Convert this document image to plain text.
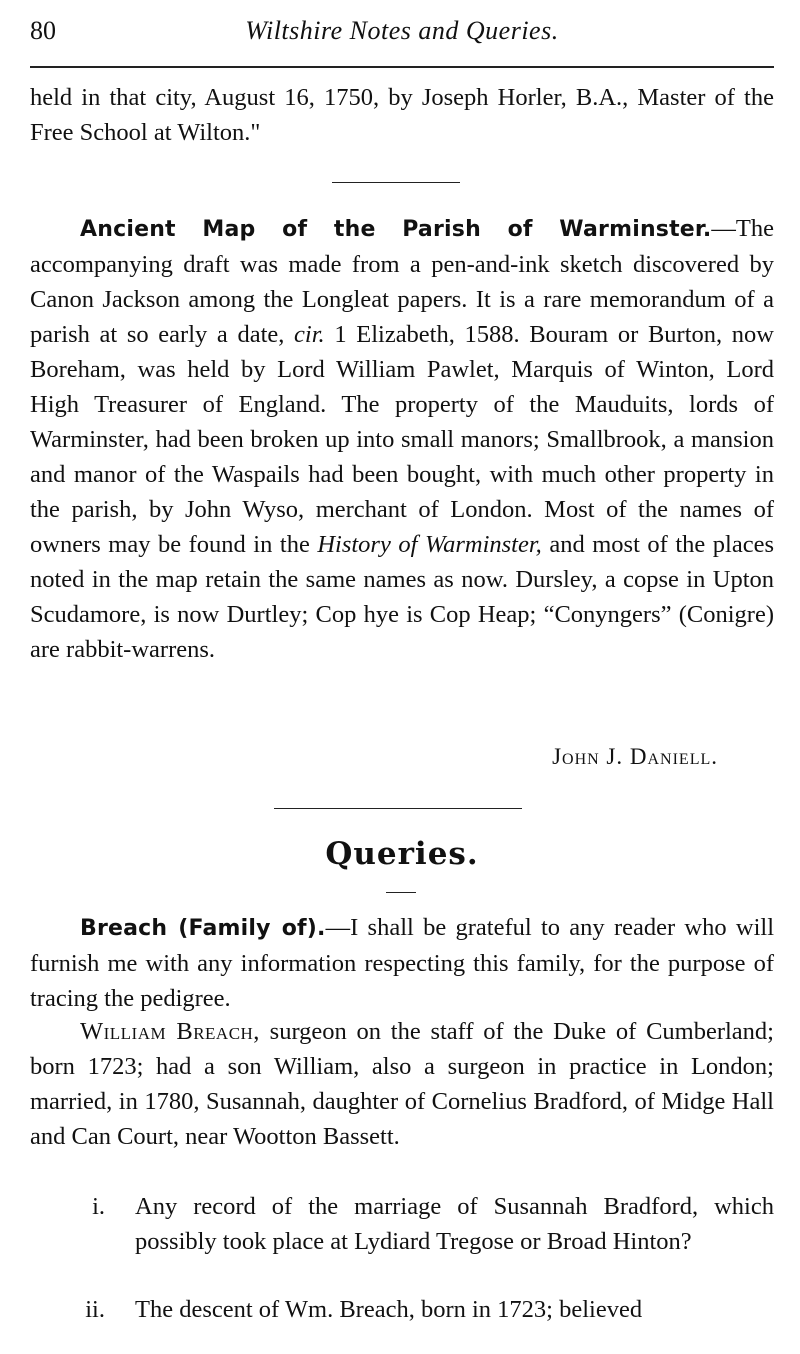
80	Wiltshire Notes and Queries.

held in that city, August 16, 1750, by Joseph Horler, B.A., Master of the Free School at Wilton."

Ancient Map of the Parish of Warminster.—The accompanying draft was made from a pen-and-ink sketch discovered by Canon Jackson among the Longleat papers. It is a rare memorandum of a parish at so early a date, cir. 1 Elizabeth, 1588. Bouram or Burton, now Boreham, was held by Lord William Pawlet, Marquis of Winton, Lord High Treasurer of England. The property of the Mauduits, lords of Warminster, had been broken up into small manors; Smallbrook, a mansion and manor of the Waspails had been bought, with much other property in the parish, by John Wyso, merchant of London. Most of the names of owners may be found in the History of Warminster, and most of the places noted in the map retain the same names as now. Dursley, a copse in Upton Scudamore, is now Durtley; Cop hye is Cop Heap; “Conyngers” (Conigre) are rabbit-warrens.

John J. Daniell.
Queries.

Breach (Family of).—I shall be grateful to any reader who will furnish me with any information respecting this family, for the purpose of tracing the pedigree.

William Breach, surgeon on the staff of the Duke of Cumberland; born 1723; had a son William, also a surgeon in practice in London; married, in 1780, Susannah, daughter of Cornelius Bradford, of Midge Hall and Can Court, near Wootton Bassett.

i. Any record of the marriage of Susannah Bradford, which possibly took place at Lydiard Tregose or Broad Hinton?
ii. The descent of Wm. Breach, born in 1723; believed
